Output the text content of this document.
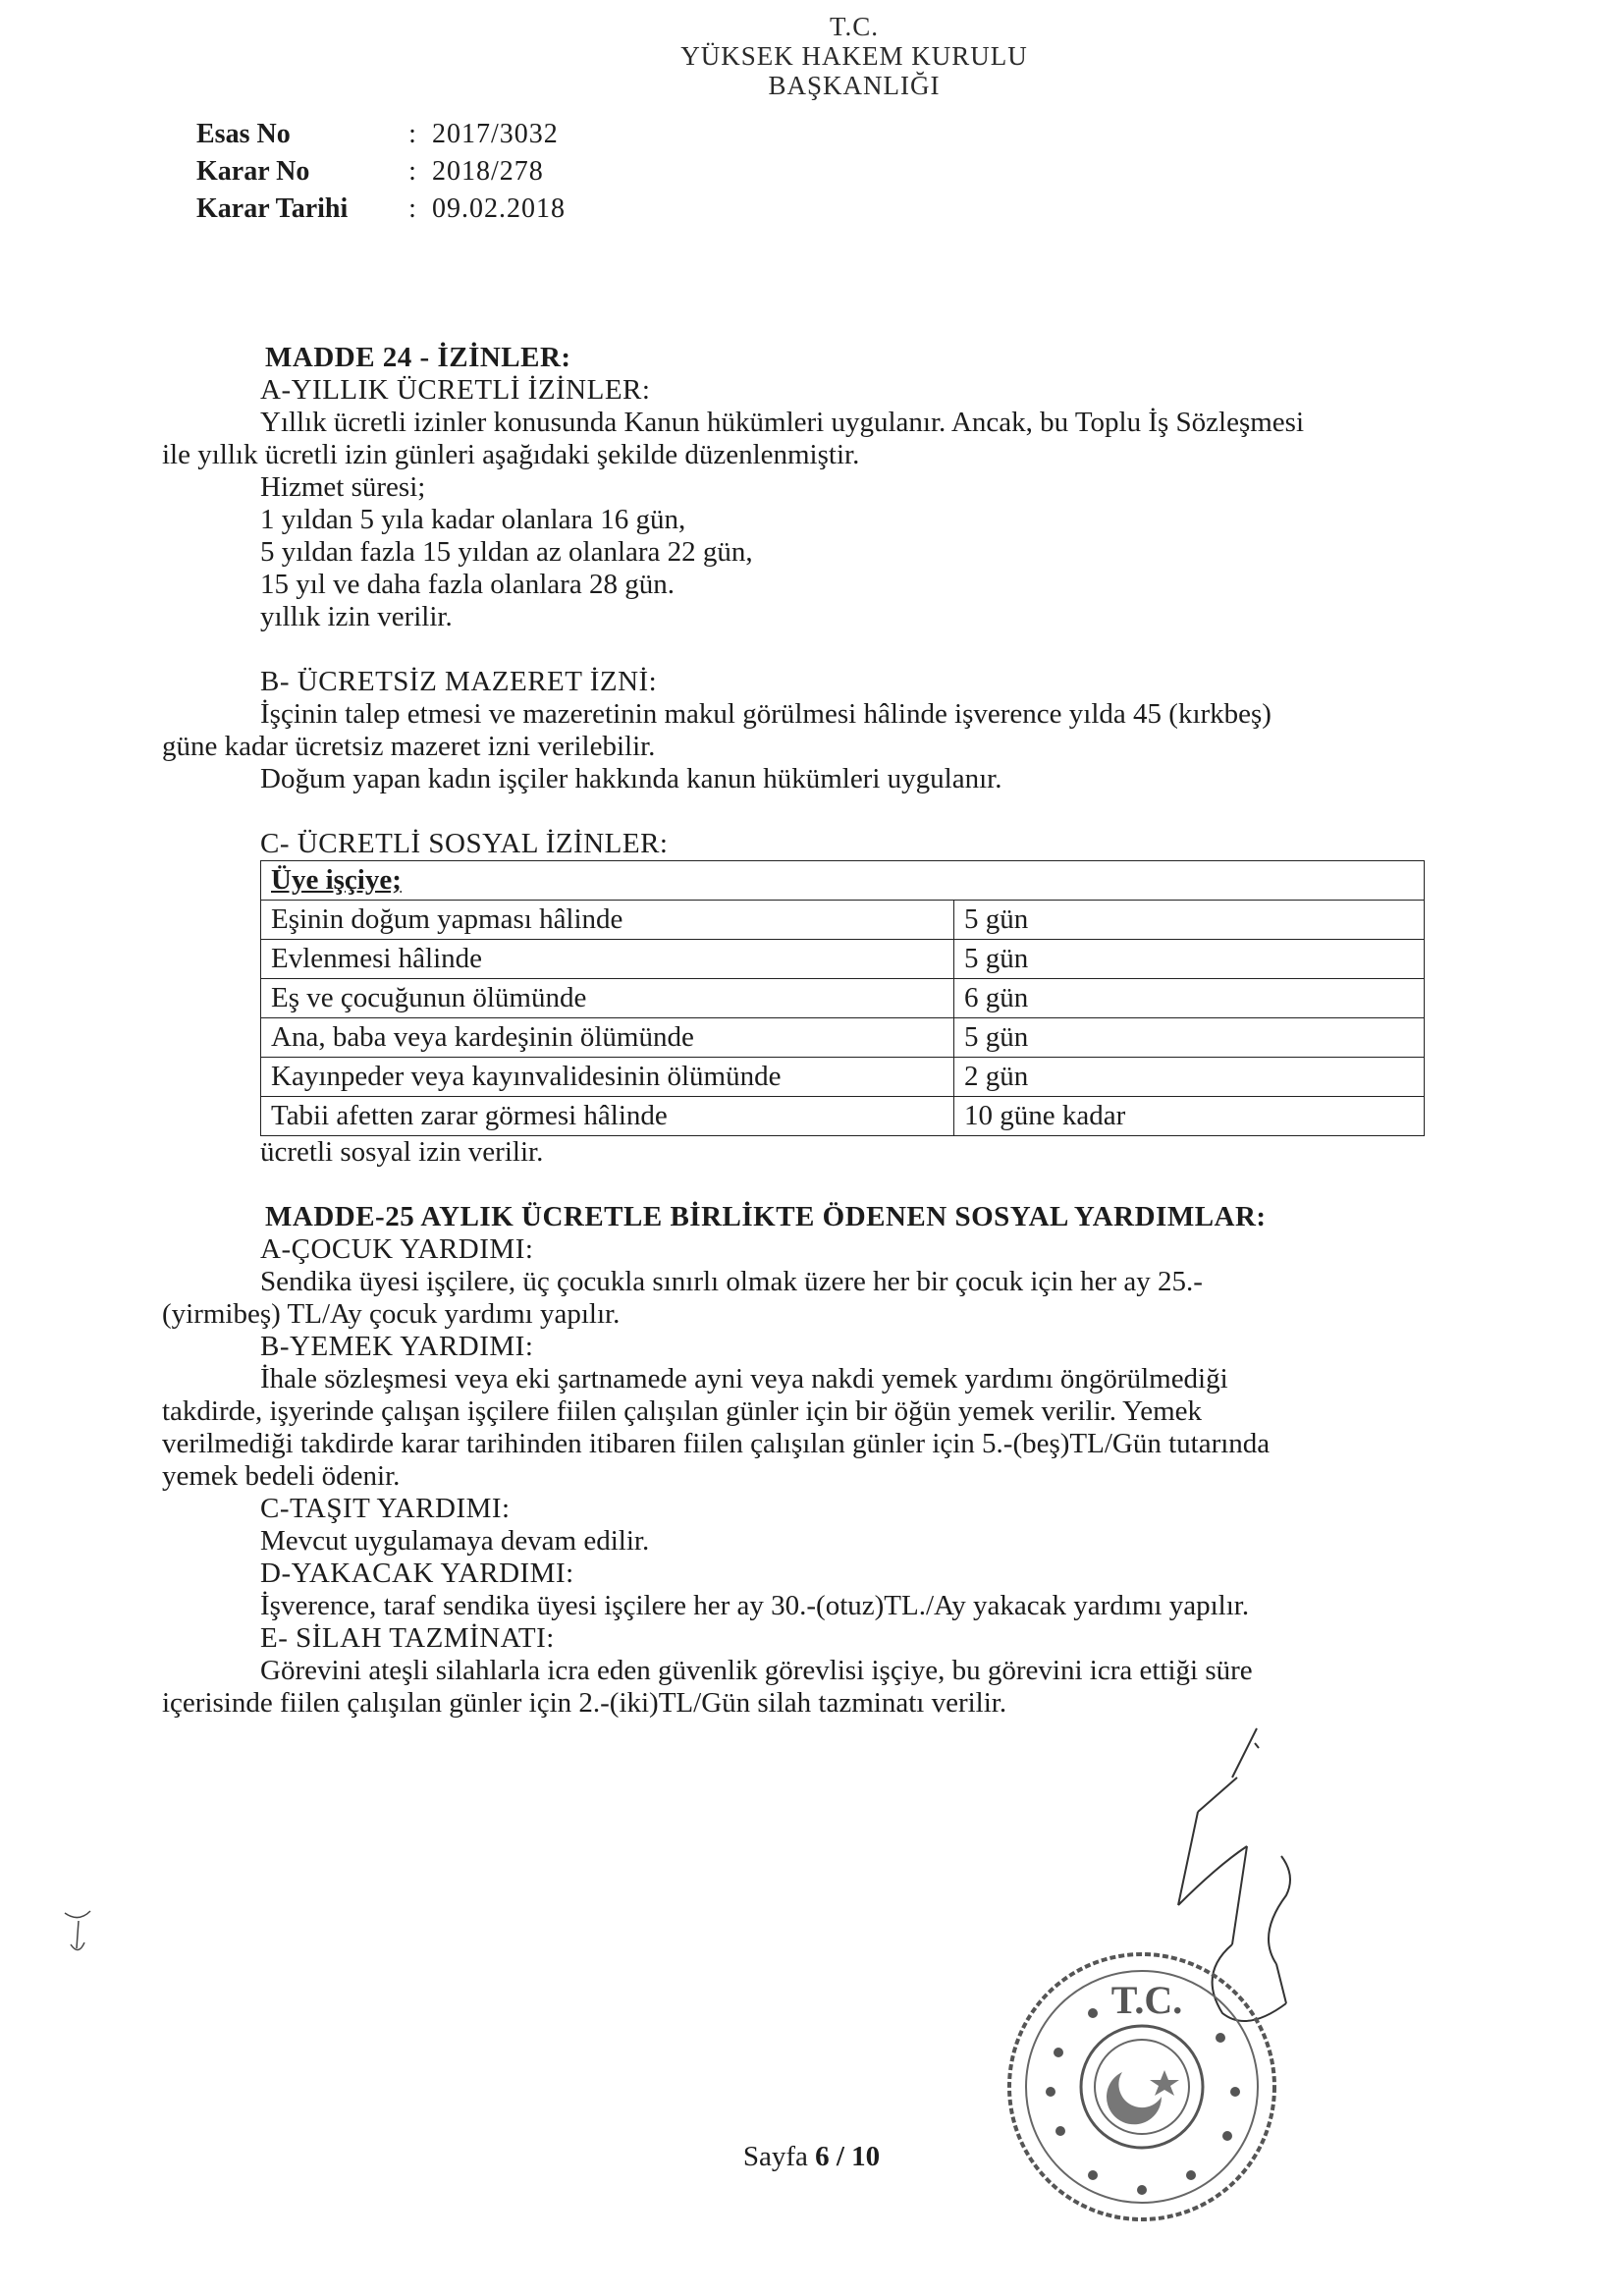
T.C.
YÜKSEK HAKEM KURULU
BAŞKANLIĞI
Esas No	: 2017/3032
Karar No	: 2018/278
Karar Tarihi	: 09.02.2018

MADDE 24 - İZİNLER:

A-YILLIK ÜCRETLİ İZİNLER:

Yıllık ücretli izinler konusunda Kanun hükümleri uygulanır. Ancak, bu Toplu İş Sözleşmesi

ile yıllık ücretli izin günleri aşağıdaki şekilde düzenlenmiştir.

Hizmet süresi;

1 yıldan 5 yıla kadar olanlara 16 gün,

5 yıldan fazla 15 yıldan az olanlara 22 gün,

15 yıl ve daha fazla olanlara 28 gün.

yıllık izin verilir.

B- ÜCRETSİZ MAZERET İZNİ:

İşçinin talep etmesi ve mazeretinin makul görülmesi hâlinde işverence yılda 45 (kırkbeş)

güne kadar ücretsiz mazeret izni verilebilir.

Doğum yapan kadın işçiler hakkında kanun hükümleri uygulanır.

C- ÜCRETLİ SOSYAL İZİNLER:

Üye işçiye;	
Eşinin doğum yapması hâlinde	5 gün
Evlenmesi hâlinde	5 gün
Eş ve çocuğunun ölümünde	6 gün
Ana, baba veya kardeşinin ölümünde	5 gün
Kayınpeder veya kayınvalidesinin ölümünde	2 gün
Tabii afetten zarar görmesi hâlinde	10 güne kadar

ücretli sosyal izin verilir.

MADDE-25 AYLIK ÜCRETLE BİRLİKTE ÖDENEN SOSYAL YARDIMLAR:

A-ÇOCUK YARDIMI:

Sendika üyesi işçilere, üç çocukla sınırlı olmak üzere her bir çocuk için her ay 25.-

(yirmibeş) TL/Ay çocuk yardımı yapılır.

B-YEMEK YARDIMI:

İhale sözleşmesi veya eki şartnamede ayni veya nakdi yemek yardımı öngörülmediği

takdirde, işyerinde çalışan işçilere fiilen çalışılan günler için bir öğün yemek verilir. Yemek

verilmediği takdirde karar tarihinden itibaren fiilen çalışılan günler için 5.-(beş)TL/Gün tutarında

yemek bedeli ödenir.

C-TAŞIT YARDIMI:

Mevcut uygulamaya devam edilir.

D-YAKACAK YARDIMI:

İşverence, taraf sendika üyesi işçilere her ay 30.-(otuz)TL./Ay yakacak yardımı yapılır.

E- SİLAH TAZMİNATI:

Görevini ateşli silahlarla icra eden güvenlik görevlisi işçiye, bu görevini icra ettiği süre

içerisinde fiilen çalışılan günler için 2.-(iki)TL/Gün silah tazminatı verilir.

T.C.
Sayfa 6 / 10
